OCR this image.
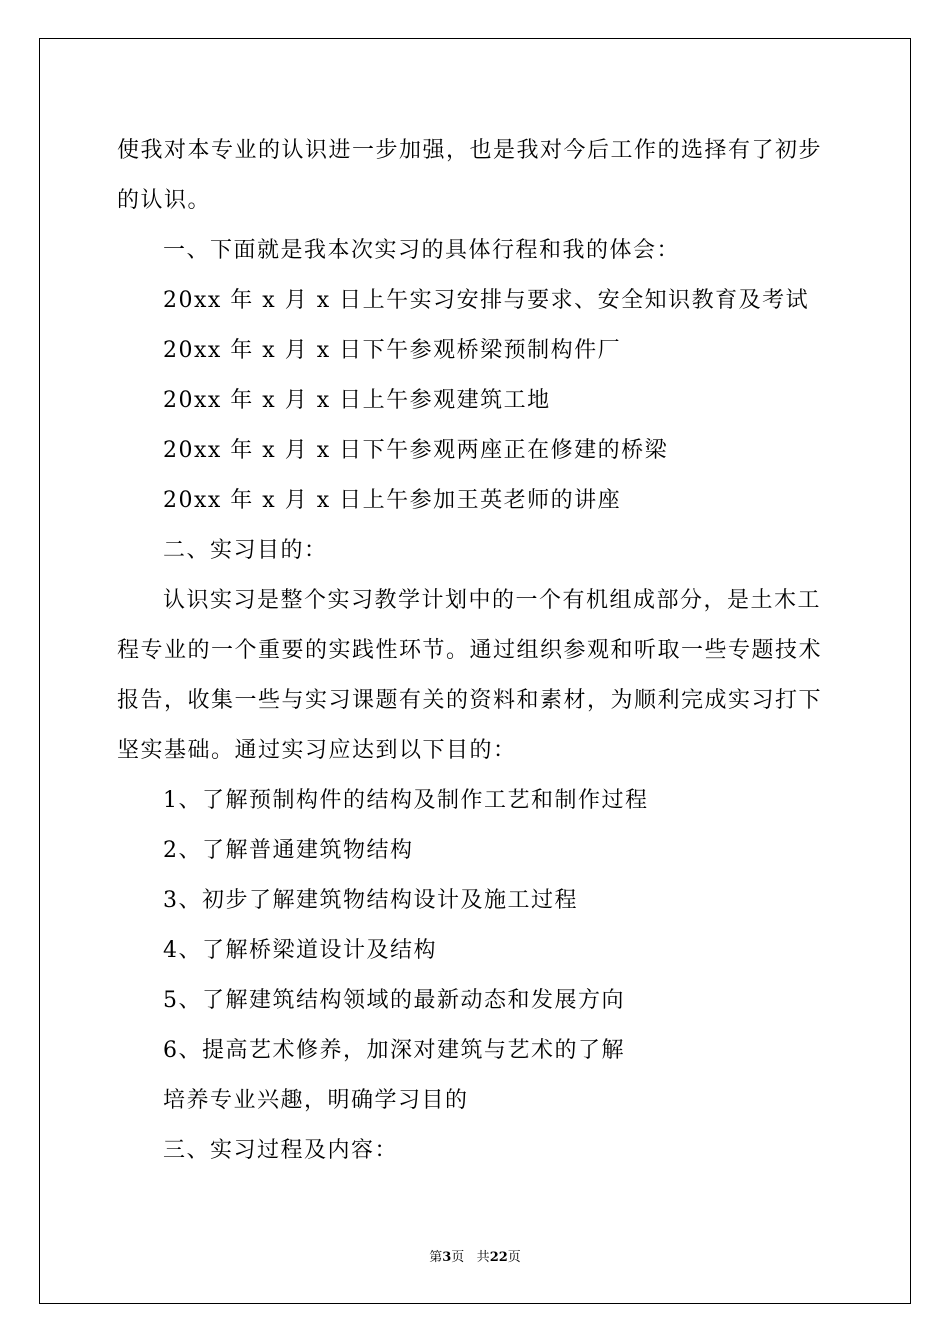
使我对本专业的认识进一步加强，也是我对今后工作的选择有了初步
的认识。
一、下面就是我本次实习的具体行程和我的体会：
20xx 年 x 月 x 日上午实习安排与要求、安全知识教育及考试
20xx 年 x 月 x 日下午参观桥梁预制构件厂
20xx 年 x 月 x 日上午参观建筑工地
20xx 年 x 月 x 日下午参观两座正在修建的桥梁
20xx 年 x 月 x 日上午参加王英老师的讲座
二、实习目的：
认识实习是整个实习教学计划中的一个有机组成部分，是土木工
程专业的一个重要的实践性环节。通过组织参观和听取一些专题技术
报告，收集一些与实习课题有关的资料和素材，为顺利完成实习打下
坚实基础。通过实习应达到以下目的：
1、了解预制构件的结构及制作工艺和制作过程
2、了解普通建筑物结构
3、初步了解建筑物结构设计及施工过程
4、了解桥梁道设计及结构
5、了解建筑结构领域的最新动态和发展方向
6、提高艺术修养，加深对建筑与艺术的了解
培养专业兴趣，明确学习目的
三、实习过程及内容：
第3页 共22页
